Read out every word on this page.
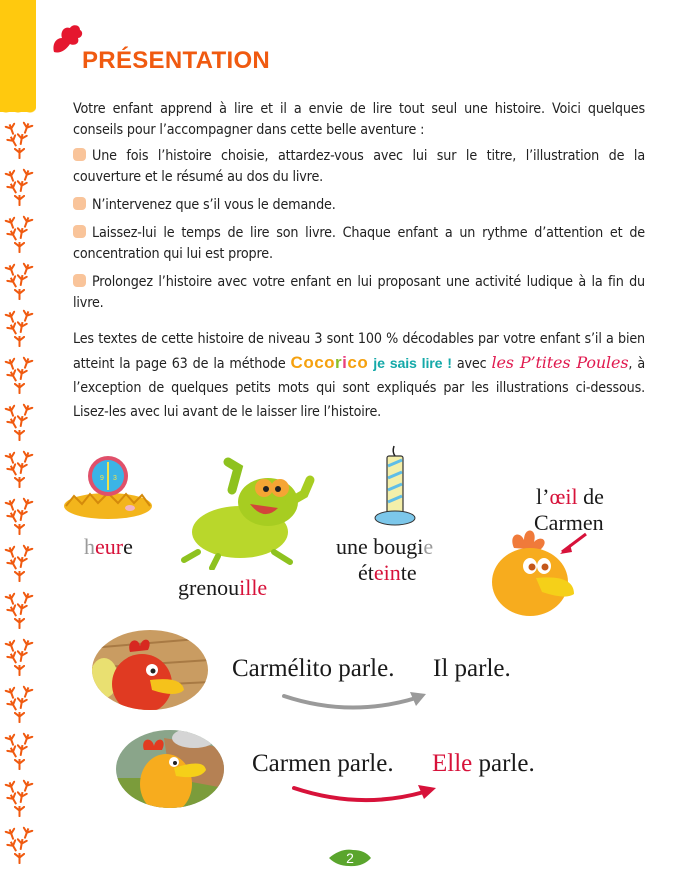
PRÉSENTATION
Votre enfant apprend à lire et il a envie de lire tout seul une histoire. Voici quelques conseils pour l’accompagner dans cette belle aventure :

Une fois l’histoire choisie, attardez-vous avec lui sur le titre, l’illustration de la couverture et le résumé au dos du livre.

N’intervenez que s’il vous le demande.

Laissez-lui le temps de lire son livre. Chaque enfant a un rythme d’attention et de concentration qui lui est propre.

Prolongez l’histoire avec votre enfant en lui proposant une activité ludique à la fin du livre.

Les textes de cette histoire de niveau 3 sont 100 % décodables par votre enfant s’il a bien atteint la page 63 de la méthode Cocorico je sais lire ! avec les P’tites Poules, à l’exception de quelques petits mots qui sont expliqués par les illustrations ci-dessous. Lisez-les avec lui avant de le laisser lire l’histoire.
9 3
heure
grenouille
une bougie
éteinte
l’œil de
Carmen
Carmélito parle. Il parle.
Carmen parle. Elle parle.
2
